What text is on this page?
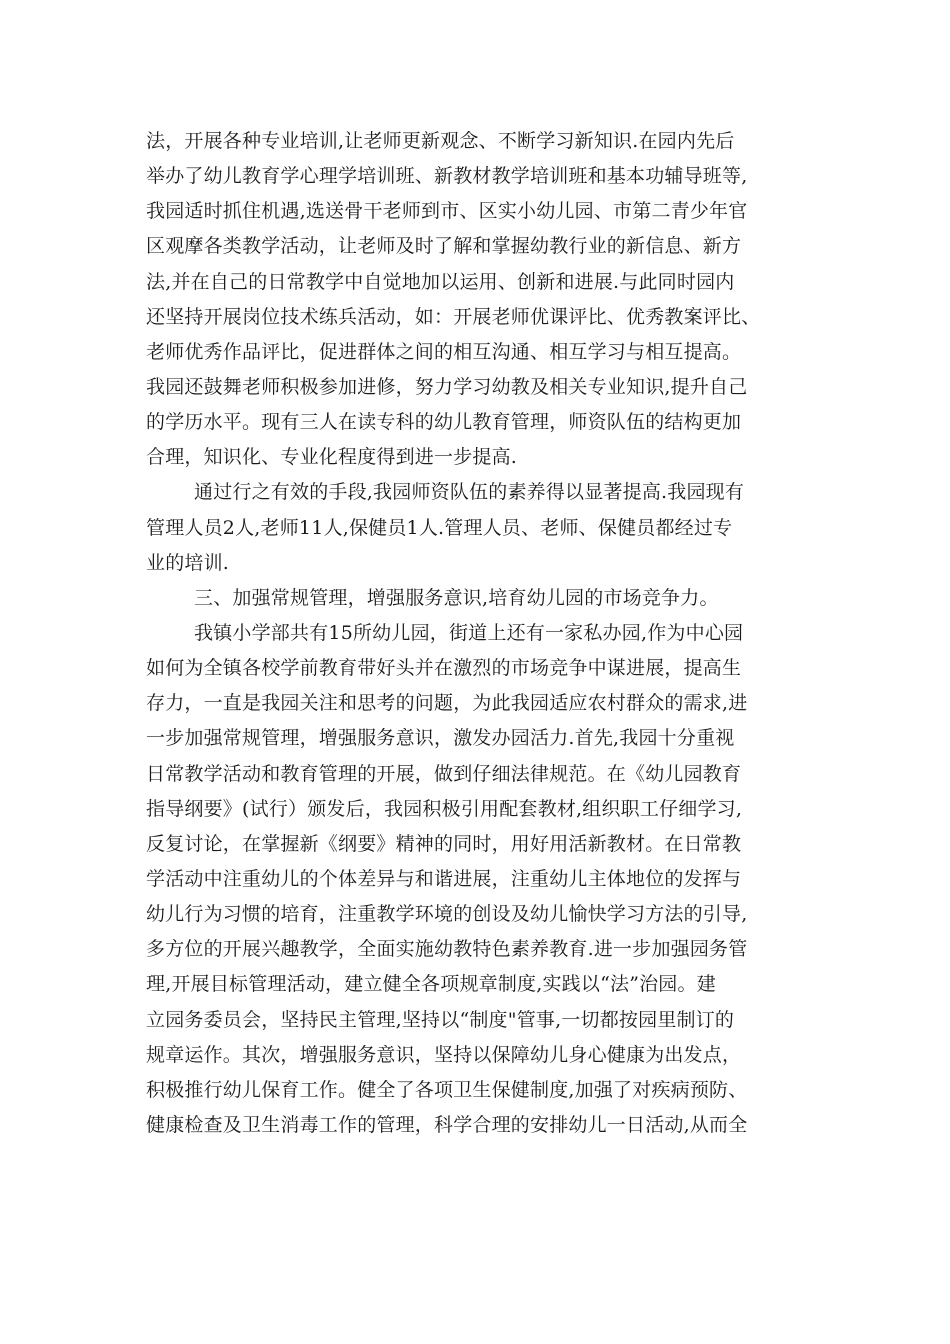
法，开展各种专业培训,让老师更新观念、不断学习新知识.在园内先后
举办了幼儿教育学心理学培训班、新教材教学培训班和基本功辅导班等,
我园适时抓住机遇,选送骨干老师到市、区实小幼儿园、市第二青少年官
区观摩各类教学活动，让老师及时了解和掌握幼教行业的新信息、新方
法,并在自己的日常教学中自觉地加以运用、创新和进展.与此同时园内
还坚持开展岗位技术练兵活动，如：开展老师优课评比、优秀教案评比、
老师优秀作品评比，促进群体之间的相互沟通、相互学习与相互提高。
我园还鼓舞老师积极参加进修，努力学习幼教及相关专业知识,提升自己
的学历水平。现有三人在读专科的幼儿教育管理，师资队伍的结构更加
合理，知识化、专业化程度得到进一步提高.
通过行之有效的手段,我园师资队伍的素养得以显著提高.我园现有
管理人员2人,老师11人,保健员1人.管理人员、老师、保健员都经过专
业的培训.
三、加强常规管理，增强服务意识,培育幼儿园的市场竞争力。
我镇小学部共有15所幼儿园，街道上还有一家私办园,作为中心园
如何为全镇各校学前教育带好头并在激烈的市场竞争中谋进展，提高生
存力，一直是我园关注和思考的问题，为此我园适应农村群众的需求,进
一步加强常规管理，增强服务意识，激发办园活力.首先,我园十分重视
日常教学活动和教育管理的开展，做到仔细法律规范。在《幼儿园教育
指导纲要》(试行）颁发后，我园积极引用配套教材,组织职工仔细学习,
反复讨论，在掌握新《纲要》精神的同时，用好用活新教材。在日常教
学活动中注重幼儿的个体差异与和谐进展，注重幼儿主体地位的发挥与
幼儿行为习惯的培育，注重教学环境的创设及幼儿愉快学习方法的引导,
多方位的开展兴趣教学，全面实施幼教特色素养教育.进一步加强园务管
理,开展目标管理活动，建立健全各项规章制度,实践以“法”治园。建
立园务委员会，坚持民主管理,坚持以“制度"管事,一切都按园里制订的
规章运作。其次，增强服务意识，坚持以保障幼儿身心健康为出发点，
积极推行幼儿保育工作。健全了各项卫生保健制度,加强了对疾病预防、
健康检查及卫生消毒工作的管理，科学合理的安排幼儿一日活动,从而全
